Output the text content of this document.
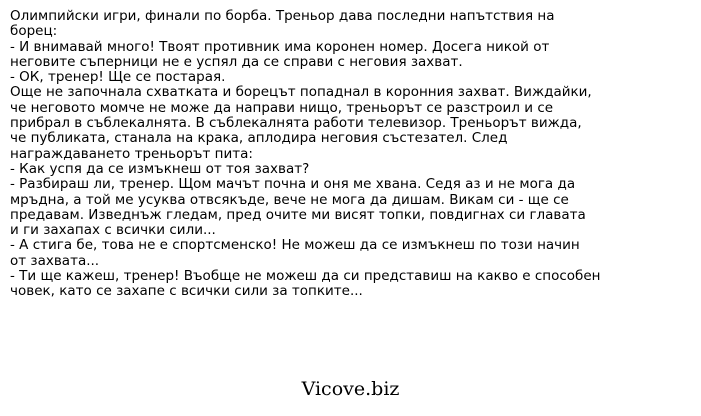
Олимпийски игри, финали по борба. Треньор дава последни напътствия на
борец:
- И внимавай много! Твоят противник има коронен номер. Досега никой от
неговите съперници не е успял да се справи с неговия захват.
- ОК, тренер! Ще се постарая.
Още не започнала схватката и борецът попаднал в коронния захват. Виждайки,
че неговото момче не може да направи нищо, треньорът се разстроил и се
прибрал в съблекалнята. В съблекалнята работи телевизор. Треньорът вижда,
че публиката, станала на крака, аплодира неговия състезател. След
награждаването треньорът пита:
- Как успя да се измъкнеш от тоя захват?
- Разбираш ли, тренер. Щом мачът почна и оня ме хвана. Седя аз и не мога да
мръдна, а той ме усуква отвсякъде, вече не мога да дишам. Викам си - ще се
предавам. Изведнъж гледам, пред очите ми висят топки, повдигнах си главата
и ги захапах с всички сили...
- А стига бе, това не е спортсменско! Не можеш да се измъкнеш по този начин
от захвата...
- Ти ще кажеш, тренер! Въобще не можеш да си представиш на какво е способен
човек, като се захапе с всички сили за топките...
Vicove.biz
